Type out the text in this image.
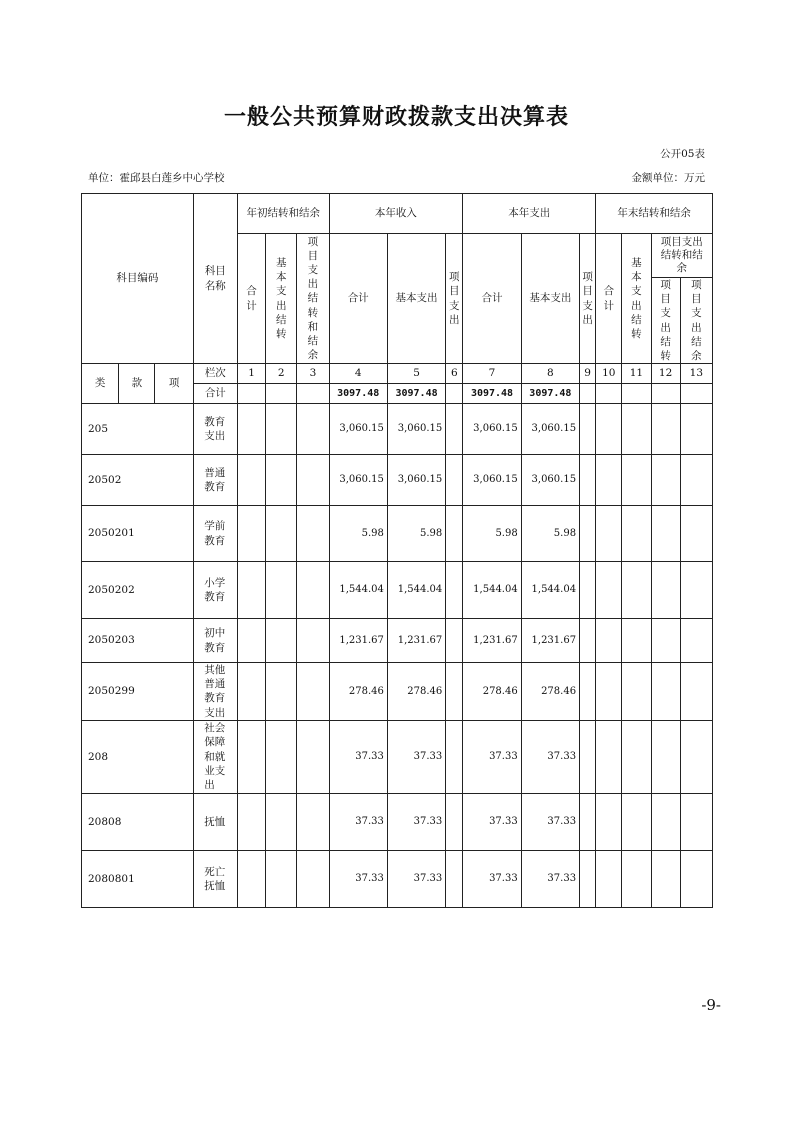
一般公共预算财政拨款支出决算表
公开05表
单位：霍邱县白莲乡中心学校	金额单位：万元
科目编码			科目名称	年初结转和结余			本年收入			本年支出			年末结转和结余			
				合计	基本支出结转	项目支出结转和结余	合计	基本支出	项目支出	合计	基本支出	项目支出	合计	基本支出结转	项目支出结转和结余	
															项目支出结转	项目支出结余
类	款	项	栏次	1	2	3	4	5	6	7	8	9	10	11	12	13
			合计				3097.48	3097.48		3097.48	3097.48					
205			教育支出				3,060.15	3,060.15		3,060.15	3,060.15					
20502			普通教育				3,060.15	3,060.15		3,060.15	3,060.15					
2050201			学前教育				5.98	5.98		5.98	5.98					
2050202			小学教育				1,544.04	1,544.04		1,544.04	1,544.04					
2050203			初中教育				1,231.67	1,231.67		1,231.67	1,231.67					
2050299			其他普通教育支出				278.46	278.46		278.46	278.46					
208			社会保障和就业支出				37.33	37.33		37.33	37.33					
20808			抚恤				37.33	37.33		37.33	37.33					
2080801			死亡抚恤				37.33	37.33		37.33	37.33					
-9-
